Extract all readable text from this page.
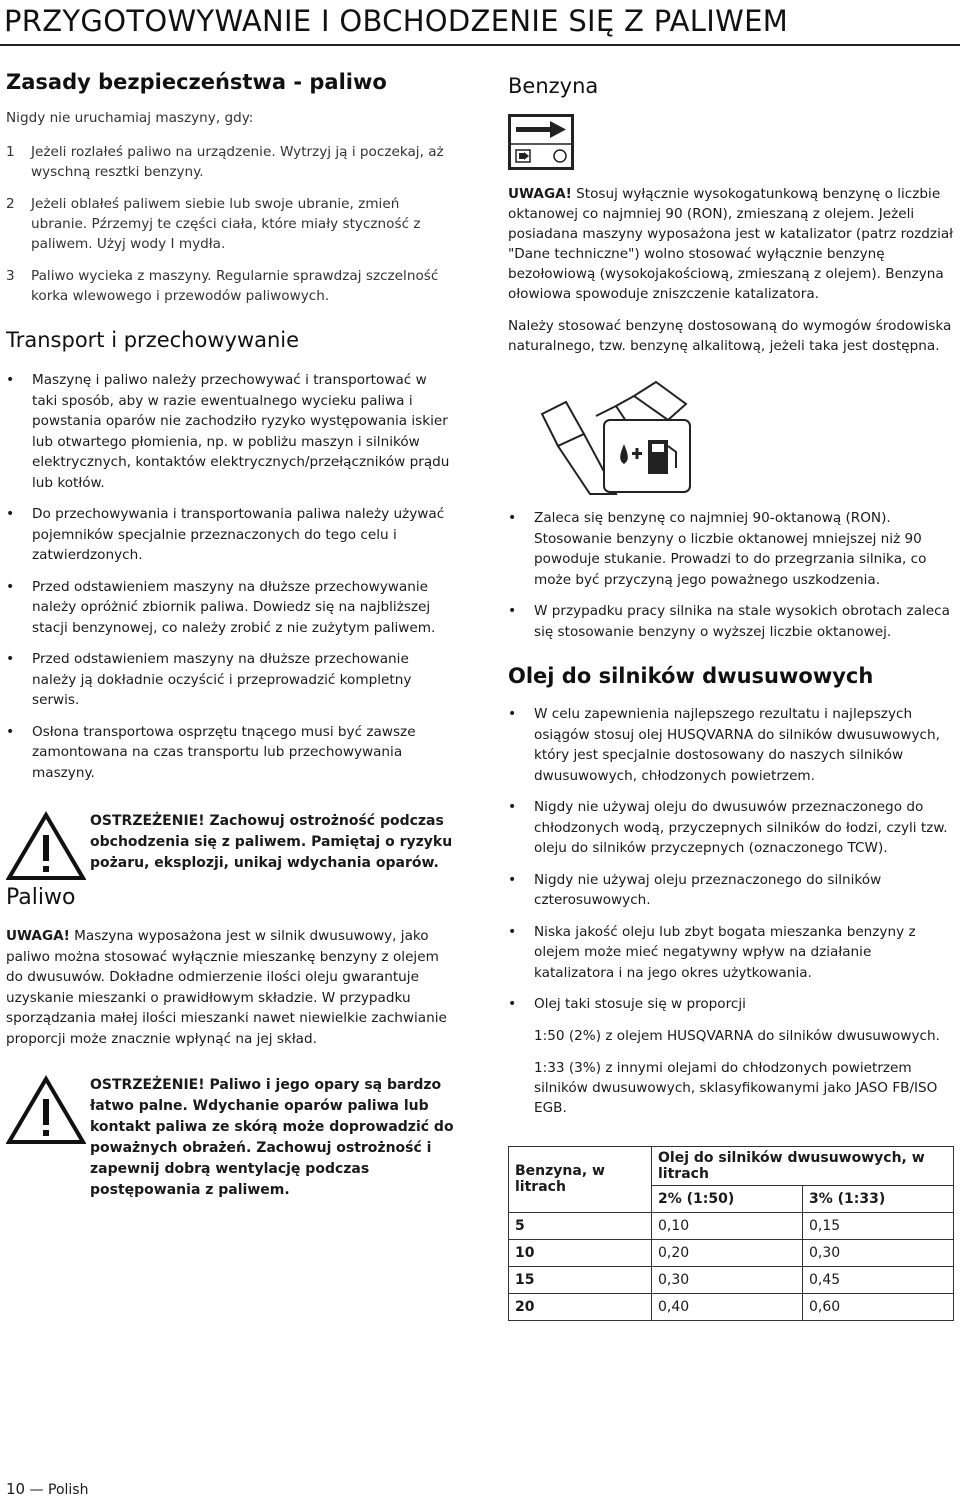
PRZYGOTOWYWANIE I OBCHODZENIE SIĘ Z PALIWEM
Zasady bezpieczeństwa - paliwo

Nigdy nie uruchamiaj maszyny, gdy:

1	Jeżeli rozlałeś paliwo na urządzenie. Wytrzyj ją i poczekaj, aż wyschną resztki benzyny.
2	Jeżeli oblałeś paliwem siebie lub swoje ubranie, zmień ubranie. Pźrzemyj te części ciała, które miały styczność z paliwem. Użyj wody I mydła.
3	Paliwo wycieka z maszyny. Regularnie sprawdzaj szczelność korka wlewowego i przewodów paliwowych.
Transport i przechowywanie
•	Maszynę i paliwo należy przechowywać i transportować w taki sposób, aby w razie ewentualnego wycieku paliwa i powstania oparów nie zachodziło ryzyko występowania iskier lub otwartego płomienia, np. w pobliżu maszyn i silników elektrycznych, kontaktów elektrycznych/przełączników prądu lub kotłów.
•	Do przechowywania i transportowania paliwa należy używać pojemników specjalnie przeznaczonych do tego celu i zatwierdzonych.
•	Przed odstawieniem maszyny na dłuższe przechowywanie należy opróżnić zbiornik paliwa. Dowiedz się na najbliższej stacji benzynowej, co należy zrobić z nie zużytym paliwem.
•	Przed odstawieniem maszyny na dłuższe przechowanie należy ją dokładnie oczyścić i przeprowadzić kompletny serwis.
•	Osłona transportowa osprzętu tnącego musi być zawsze zamontowana na czas transportu lub przechowywania maszyny.
OSTRZEŻENIE! Zachowuj ostrożność podczas obchodzenia się z paliwem. Pamiętaj o ryzyku pożaru, eksplozji, unikaj wdychania oparów.
Paliwo

UWAGA! Maszyna wyposażona jest w silnik dwusuwowy, jako paliwo można stosować wyłącznie mieszankę benzyny z olejem do dwusuwów. Dokładne odmierzenie ilości oleju gwarantuje uzyskanie mieszanki o prawidłowym składzie. W przypadku sporządzania małej ilości mieszanki nawet niewielkie zachwianie proporcji może znacznie wpłynąć na jej skład.

OSTRZEŻENIE! Paliwo i jego opary są bardzo łatwo palne. Wdychanie oparów paliwa lub kontakt paliwa ze skórą może doprowadzić do poważnych obrażeń. Zachowuj ostrożność i zapewnij dobrą wentylację podczas postępowania z paliwem.
Benzyna

UWAGA! Stosuj wyłącznie wysokogatunkową benzynę o liczbie oktanowej co najmniej 90 (RON), zmieszaną z olejem. Jeżeli posiadana maszyny wyposażona jest w katalizator (patrz rozdział "Dane techniczne") wolno stosować wyłącznie benzynę bezołowiową (wysokojakościową, zmieszaną z olejem). Benzyna ołowiowa spowoduje zniszczenie katalizatora.

Należy stosować benzynę dostosowaną do wymogów środowiska naturalnego, tzw. benzynę alkalitową, jeżeli taka jest dostępna.

•	Zaleca się benzynę co najmniej 90-oktanową (RON). Stosowanie benzyny o liczbie oktanowej mniejszej niż 90 powoduje stukanie. Prowadzi to do przegrzania silnika, co może być przyczyną jego poważnego uszkodzenia.
•	W przypadku pracy silnika na stale wysokich obrotach zaleca się stosowanie benzyny o wyższej liczbie oktanowej.
Olej do silników dwusuwowych
•	W celu zapewnienia najlepszego rezultatu i najlepszych osiągów stosuj olej HUSQVARNA do silników dwusuwowych, który jest specjalnie dostosowany do naszych silników dwusuwowych, chłodzonych powietrzem.
•	Nigdy nie używaj oleju do dwusuwów przeznaczonego do chłodzonych wodą, przyczepnych silników do łodzi, czyli tzw. oleju do silników przyczepnych (oznaczonego TCW).
•	Nigdy nie używaj oleju przeznaczonego do silników czterosuwowych.
•	Niska jakość oleju lub zbyt bogata mieszanka benzyny z olejem może mieć negatywny wpływ na działanie katalizatora i na jego okres użytkowania.
•	Olej taki stosuje się w proporcji

1:50 (2%) z olejem HUSQVARNA do silników dwusuwowych.

1:33 (3%) z innymi olejami do chłodzonych powietrzem silników dwusuwowych, sklasyfikowanymi jako JASO FB/ISO EGB.

Benzyna, w litrach	Olej do silników dwusuwowych, w litrach	
	2% (1:50)	3% (1:33)
5	0,10	0,15
10	0,20	0,30
15	0,30	0,45
20	0,40	0,60
10 — Polish
